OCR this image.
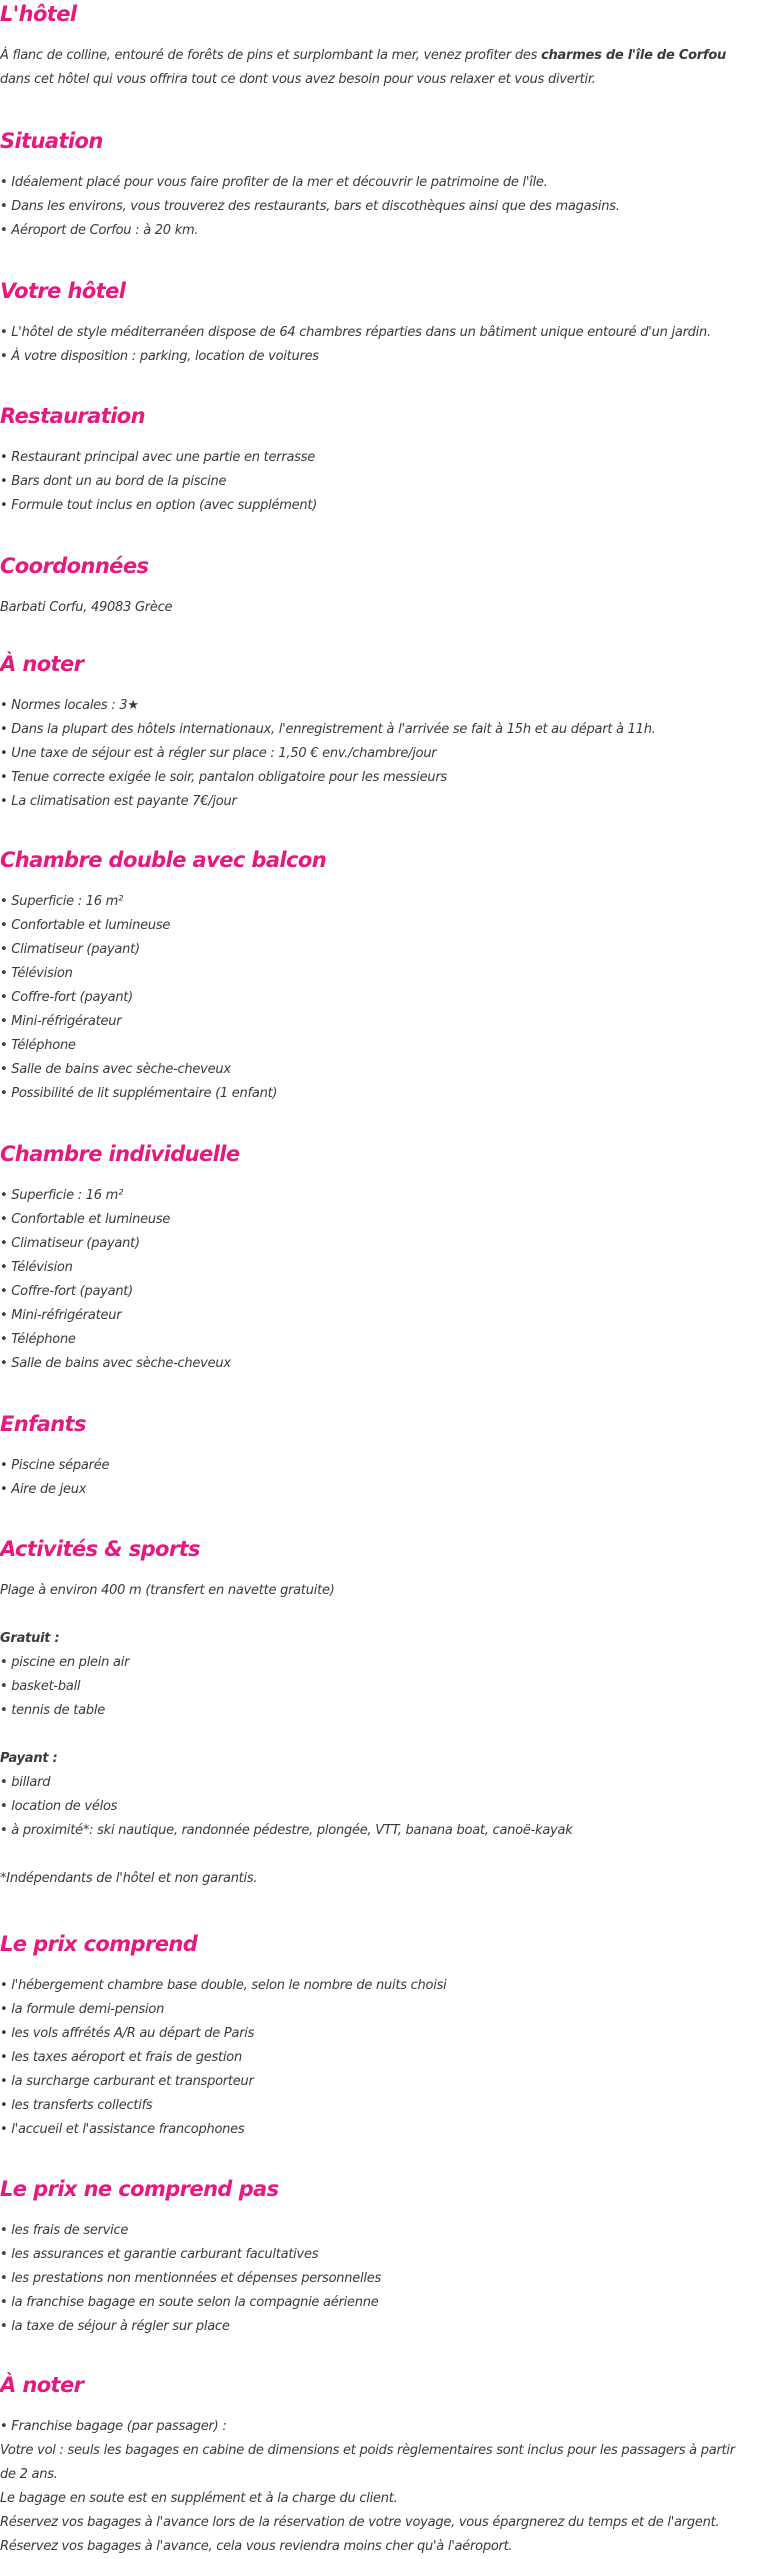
L'hôtel

À flanc de colline, entouré de forêts de pins et surplombant la mer, venez profiter des charmes de l'île de Corfou dans cet hôtel qui vous offrira tout ce dont vous avez besoin pour vous relaxer et vous divertir.

Situation

• Idéalement placé pour vous faire profiter de la mer et découvrir le patrimoine de l'île.

• Dans les environs, vous trouverez des restaurants, bars et discothèques ainsi que des magasins.

• Aéroport de Corfou : à 20 km.

Votre hôtel

• L'hôtel de style méditerranéen dispose de 64 chambres réparties dans un bâtiment unique entouré d'un jardin.

• À votre disposition : parking, location de voitures

Restauration

• Restaurant principal avec une partie en terrasse

• Bars dont un au bord de la piscine

• Formule tout inclus en option (avec supplément)

Coordonnées

Barbati Corfu, 49083 Grèce

À noter

• Normes locales : 3★

• Dans la plupart des hôtels internationaux, l'enregistrement à l'arrivée se fait à 15h et au départ à 11h.

• Une taxe de séjour est à régler sur place : 1,50 € env./chambre/jour

• Tenue correcte exigée le soir, pantalon obligatoire pour les messieurs

• La climatisation est payante 7€/jour

Chambre double avec balcon

• Superficie : 16 m²

• Confortable et lumineuse

• Climatiseur (payant)

• Télévision

• Coffre-fort (payant)

• Mini-réfrigérateur

• Téléphone

• Salle de bains avec sèche-cheveux

• Possibilité de lit supplémentaire (1 enfant)

Chambre individuelle

• Superficie : 16 m²

• Confortable et lumineuse

• Climatiseur (payant)

• Télévision

• Coffre-fort (payant)

• Mini-réfrigérateur

• Téléphone

• Salle de bains avec sèche-cheveux

Enfants

• Piscine séparée

• Aire de jeux

Activités & sports

Plage à environ 400 m (transfert en navette gratuite)

Gratuit :

• piscine en plein air

• basket-ball

• tennis de table

Payant :

• billard

• location de vélos

• à proximité*: ski nautique, randonnée pédestre, plongée, VTT, banana boat, canoë-kayak

*Indépendants de l'hôtel et non garantis.

Le prix comprend

• l'hébergement chambre base double, selon le nombre de nuits choisi

• la formule demi-pension

• les vols affrétés A/R au départ de Paris

• les taxes aéroport et frais de gestion

• la surcharge carburant et transporteur

• les transferts collectifs

• l'accueil et l'assistance francophones

Le prix ne comprend pas

• les frais de service

• les assurances et garantie carburant facultatives

• les prestations non mentionnées et dépenses personnelles

• la franchise bagage en soute selon la compagnie aérienne

• la taxe de séjour à régler sur place

À noter

• Franchise bagage (par passager) :

Votre vol : seuls les bagages en cabine de dimensions et poids règlementaires sont inclus pour les passagers à partir de 2 ans.

Le bagage en soute est en supplément et à la charge du client.

Réservez vos bagages à l'avance lors de la réservation de votre voyage, vous épargnerez du temps et de l'argent.

Réservez vos bagages à l'avance, cela vous reviendra moins cher qu'à l'aéroport.
